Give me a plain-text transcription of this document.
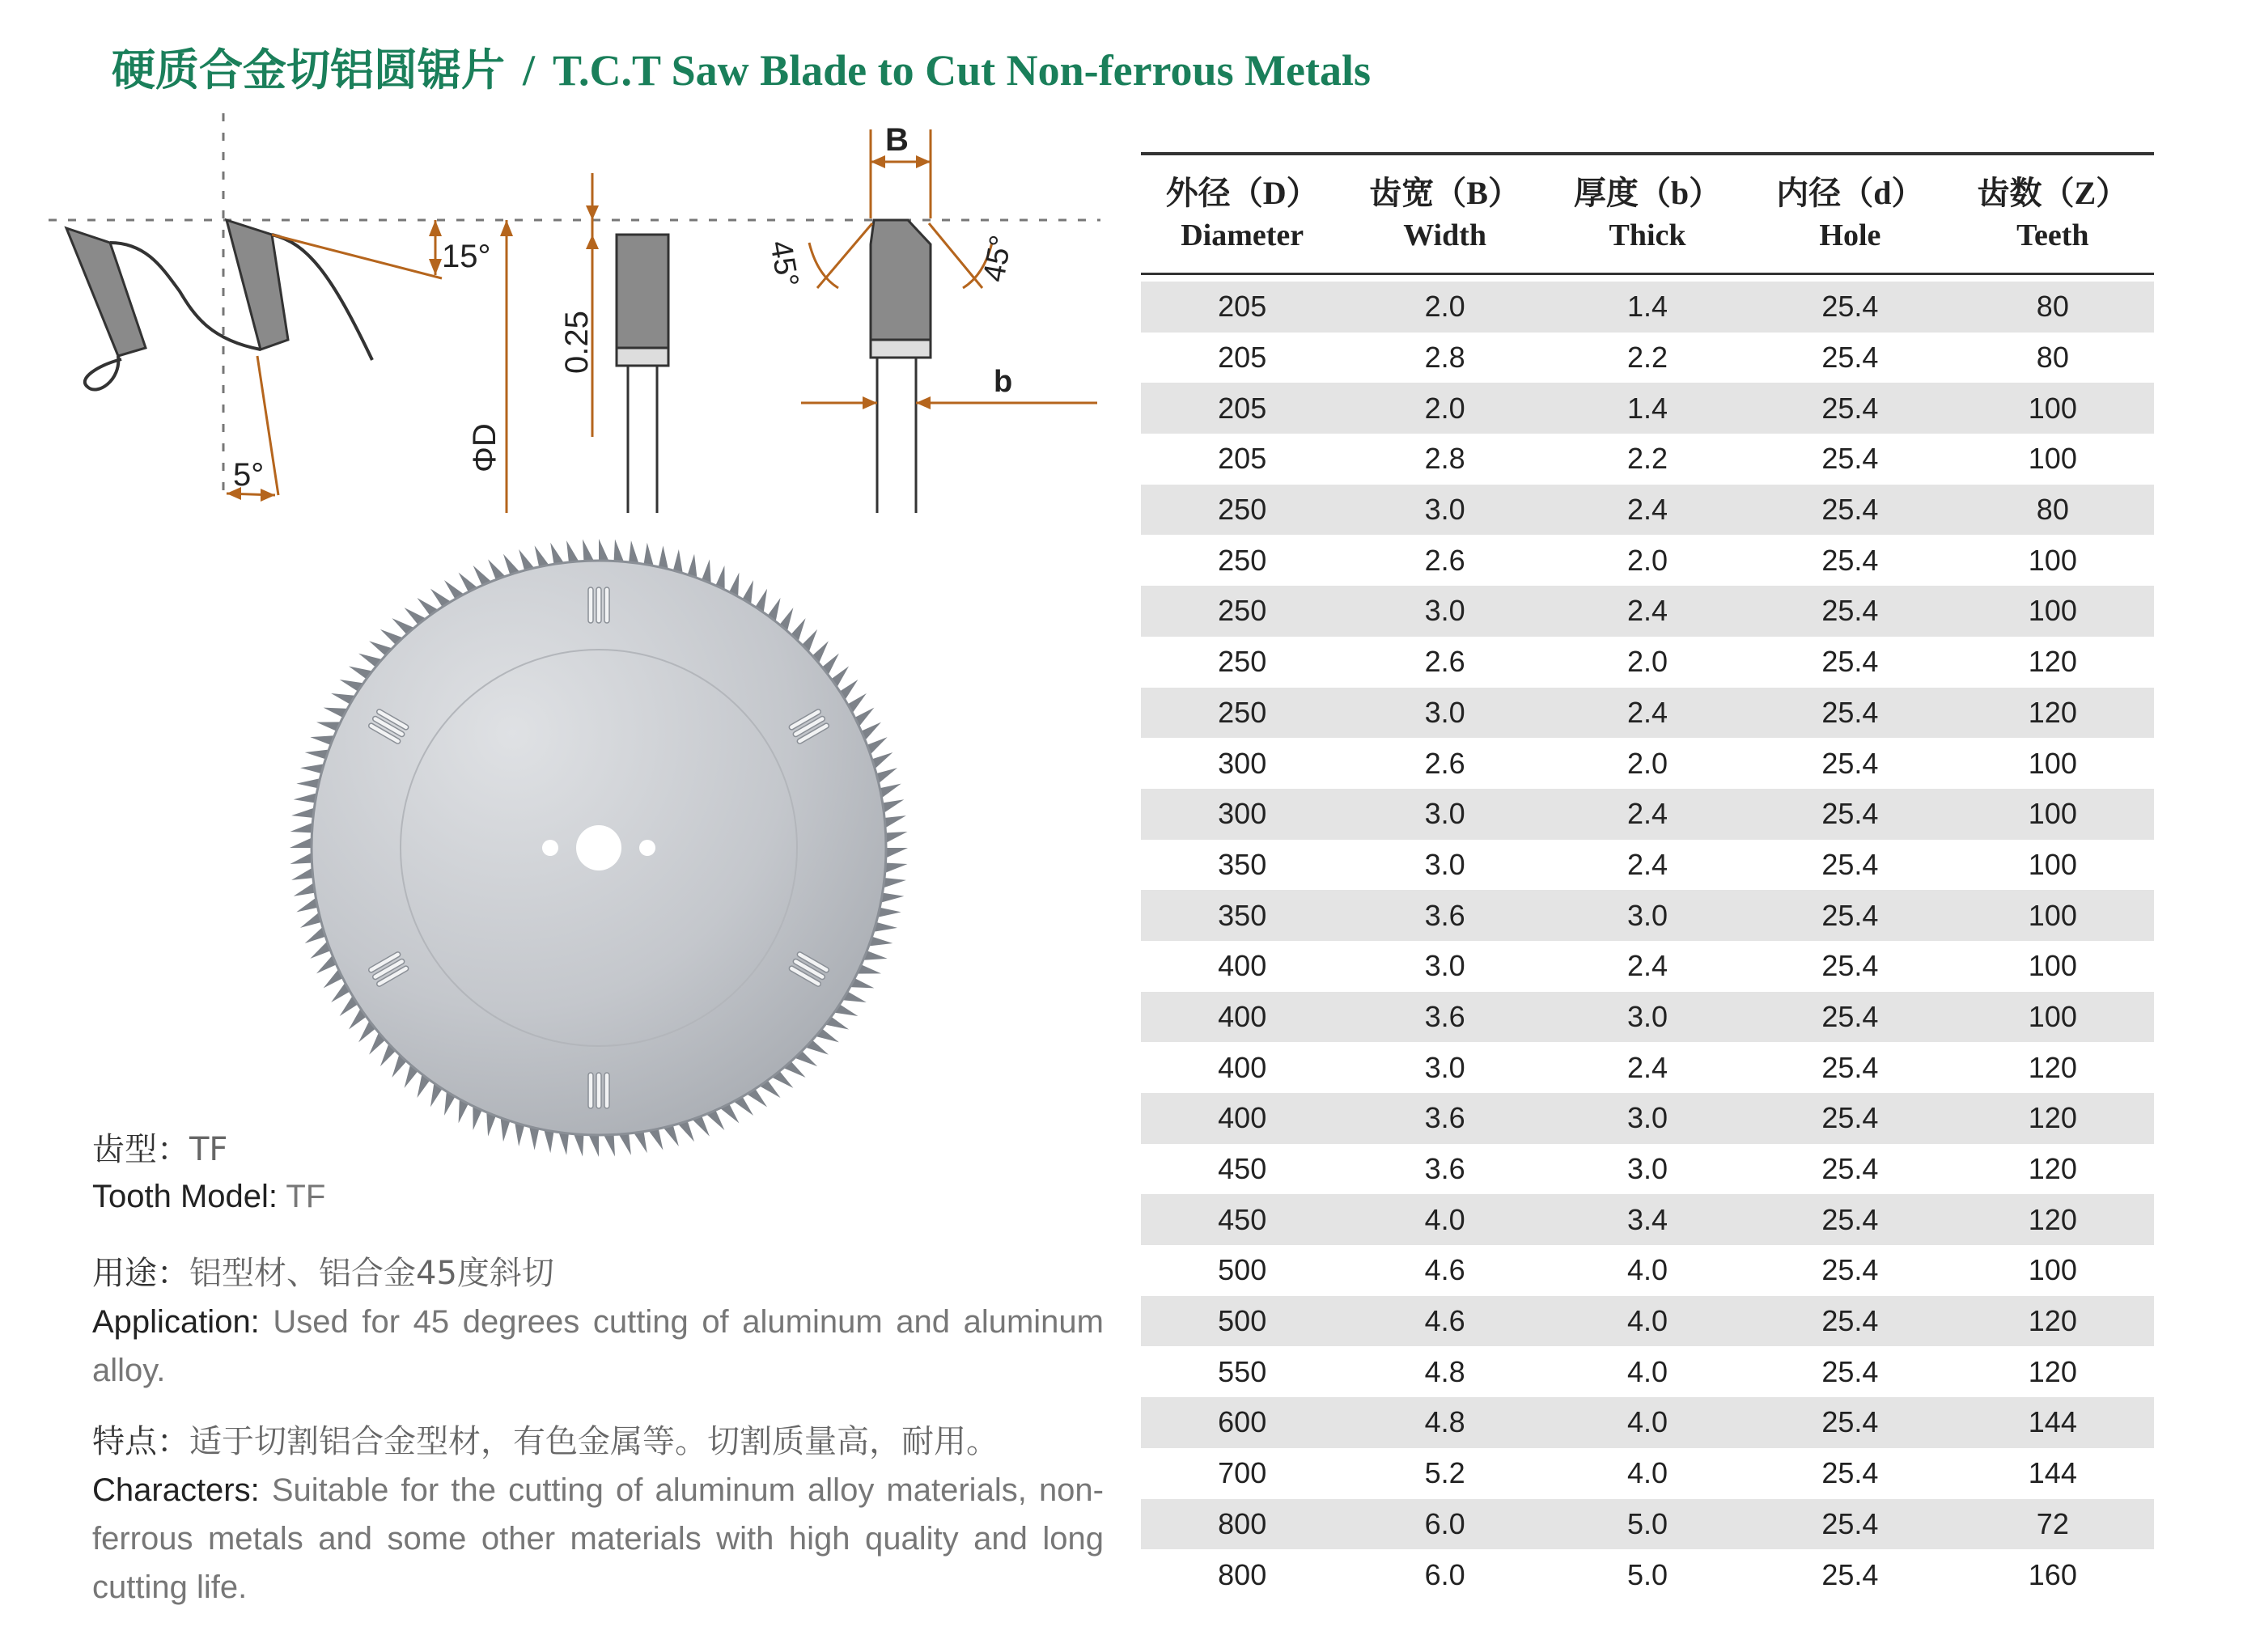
硬质合金切铝圆锯片 / T.C.T Saw Blade to Cut Non-ferrous Metals
15°
5°
0.25
ΦD
B
45°	45°
b
外径（D）
Diameter
齿宽（B）
Width
厚度（b）
Thick
内径（d）
Hole
齿数（Z）
Teeth
205	2.0	1.4	25.4	80
205	2.8	2.2	25.4	80
205	2.0	1.4	25.4	100
205	2.8	2.2	25.4	100
250	3.0	2.4	25.4	80
250	2.6	2.0	25.4	100
250	3.0	2.4	25.4	100
250	2.6	2.0	25.4	120
250	3.0	2.4	25.4	120
300	2.6	2.0	25.4	100
300	3.0	2.4	25.4	100
350	3.0	2.4	25.4	100
350	3.6	3.0	25.4	100
400	3.0	2.4	25.4	100
400	3.6	3.0	25.4	100
400	3.0	2.4	25.4	120
400	3.6	3.0	25.4	120
450	3.6	3.0	25.4	120
450	4.0	3.4	25.4	120
500	4.6	4.0	25.4	100
500	4.6	4.0	25.4	120
550	4.8	4.0	25.4	120
600	4.8	4.0	25.4	144
700	5.2	4.0	25.4	144
800	6.0	5.0	25.4	72
800	6.0	5.0	25.4	160
齿型：TF
Tooth Model: TF
用途：铝型材、铝合金45度斜切
Application: Used for 45 degrees cutting of aluminum and aluminum alloy.
特点：适于切割铝合金型材，有色金属等。切割质量高，耐用。
Characters: Suitable for the cutting of aluminum alloy materials, non-ferrous metals and some other materials with high quality and long cutting life.
